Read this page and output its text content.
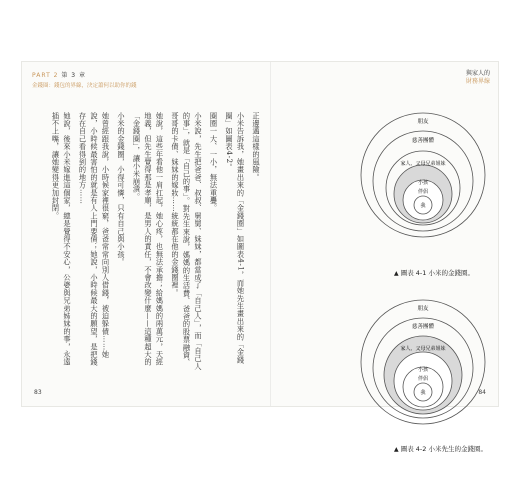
PART 2 第 3 章
金錢圈：錢包的界線，決定蕭何以助你的錢
與家人的
財務界線

正邊邁這樣的風險。

小米告訴我，她畫出來的「金錢圈」如圖表4-1，而她先生畫出來的「金錢圈」如圖表4-2。

圈圈一大、一小，無法重疊。

小米說，先生把爸爸、叔叔、舅舅、妹妹，都當成了「自己人」，而「自己人的事」，就是「自己的事」。對先生來說，媽媽的生活費、爸爸的股票融資、哥哥的卡債、妹妹的嫁妝……統統都在他的金錢圈裡。

她說，這些年看他一肩扛起，她心疼，也無法承擔；給媽媽的兩萬元，天經地義，但先生覺得那是孝順，是男人的責任，不會改變什麼——這種超大的「金錢圈」，讓小米崩潰。

小米的金錢圈，小得可憐，只有自己與小孩。

她曾經跟我說，小時候家裡很窮，爸爸常常向別人借錢，被迫躲債……她說，小時候最害怕的就是有人上門要債；她說，小時候最大的願望，是把錢存在自己看得到的地方……

她說，後來小米嫁進這個家，總是覺得不安心，公婆與兄弟姊妹的事，永遠插不上嘴，讓她變得更加封閉。	朋友
慈善團體
家人、父母兄弟姐妹
小孩
伴侶
我
▲ 圖表 4-1 小米的金錢圈。
朋友
慈善團體
家人、父母兄弟姐妹
小孩
伴侶
我
▲ 圖表 4-2 小米先生的金錢圈。
83	84
